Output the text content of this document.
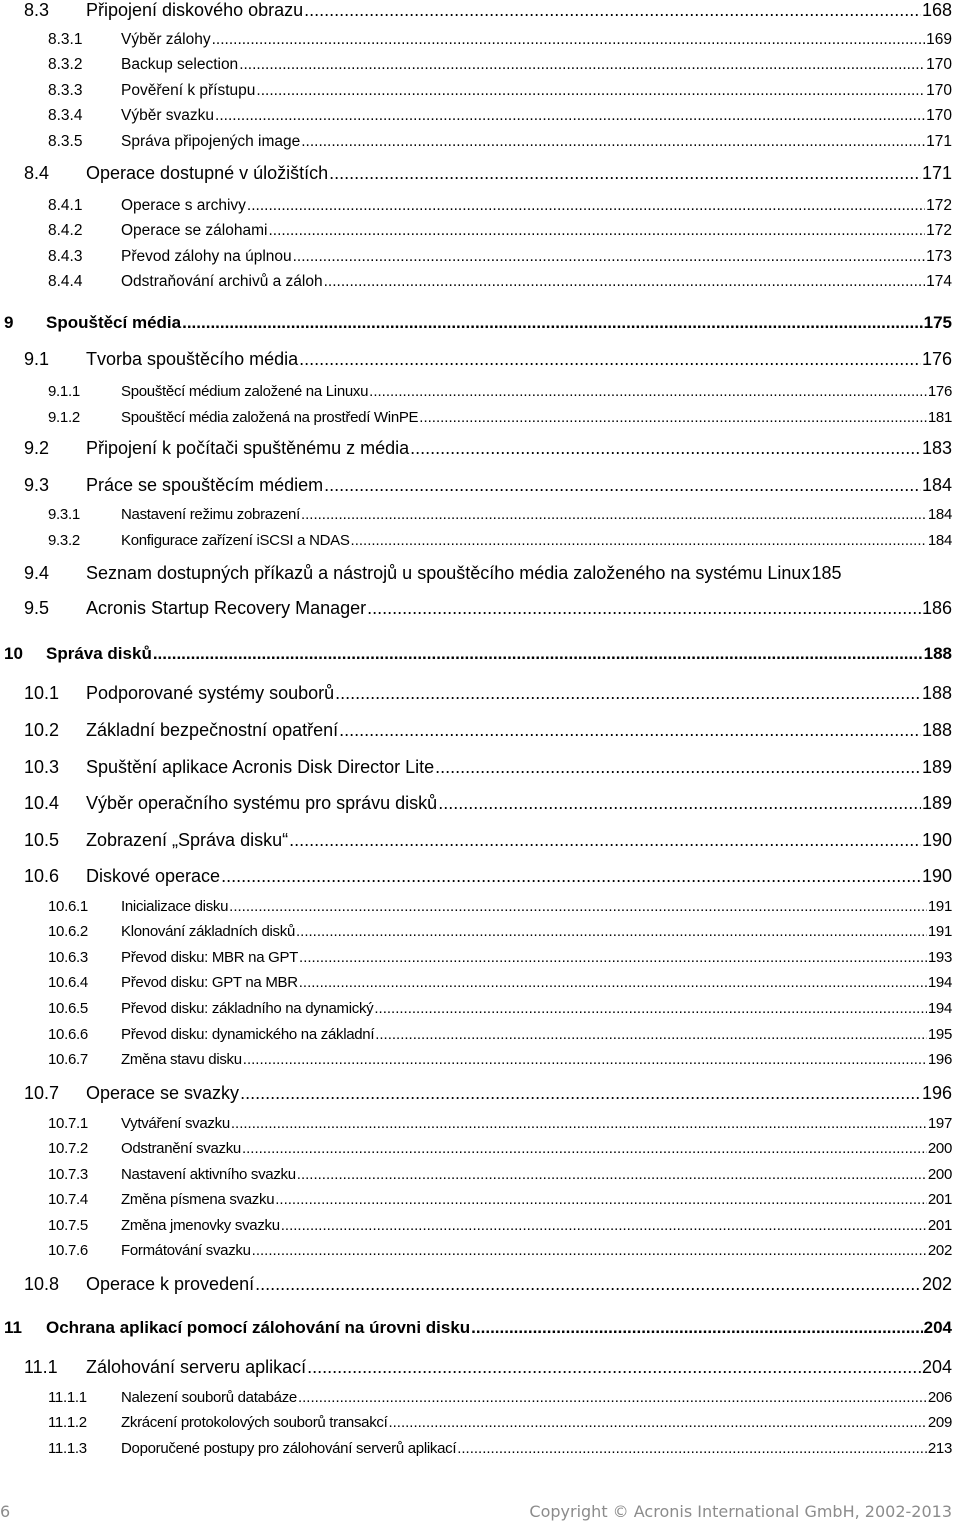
8.3 Připojení diskového obrazu .....	168
8.3.1 Výběr zálohy .....	169
8.3.2 Backup selection .....	170
8.3.3 Pověření k přístupu .....	170
8.3.4 Výběr svazku .....	170
8.3.5 Správa připojených image .....	171
8.4 Operace dostupné v úložištích .....	171
8.4.1 Operace s archivy .....	172
8.4.2 Operace se zálohami .....	172
8.4.3 Převod zálohy na úplnou .....	173
8.4.4 Odstraňování archivů a záloh .....	174
9 Spouštěcí média .....	175
9.1 Tvorba spouštěcího média .....	176
9.1.1	Spouštěcí médium založené na Linuxu .....	176
9.1.2	Spouštěcí média založená na prostředí WinPE .....	181
9.2 Připojení k počítači spuštěnému z média .....	183
9.3 Práce se spouštěcím médiem .....	184
9.3.1	Nastavení režimu zobrazení .....	184
9.3.2	Konfigurace zařízení iSCSI a NDAS .....	184
9.4 Seznam dostupných příkazů a nástrojů u spouštěcího média založeného na systému Linux 185
9.5 Acronis Startup Recovery Manager .....	186
10 Správa disků .....	188
10.1 Podporované systémy souborů .....	188
10.2 Základní bezpečnostní opatření .....	188
10.3 Spuštění aplikace Acronis Disk Director Lite .....	189
10.4 Výběr operačního systému pro správu disků .....	189
10.5 Zobrazení „Správa disku“ .....	190
10.6 Diskové operace .....	190
10.6.1 Inicializace disku .....	191
10.6.2 Klonování základních disků .....	191
10.6.3 Převod disku: MBR na GPT .....	193
10.6.4 Převod disku: GPT na MBR .....	194
10.6.5 Převod disku: základního na dynamický .....	194
10.6.6 Převod disku: dynamického na základní .....	195
10.6.7 Změna stavu disku .....	196
10.7 Operace se svazky .....	196
10.7.1 Vytváření svazku .....	197
10.7.2 Odstranění svazku .....	200
10.7.3 Nastavení aktivního svazku .....	200
10.7.4 Změna písmena svazku .....	201
10.7.5 Změna jmenovky svazku .....	201
10.7.6 Formátování svazku .....	202
10.8 Operace k provedení .....	202
11 Ochrana aplikací pomocí zálohování na úrovni disku .....	204
11.1 Zálohování serveru aplikací .....	204
11.1.1 Nalezení souborů databáze .....	206
11.1.2 Zkrácení protokolových souborů transakcí .....	209
11.1.3 Doporučené postupy pro zálohování serverů aplikací .....	213
6	Copyright © Acronis International GmbH, 2002-2013
